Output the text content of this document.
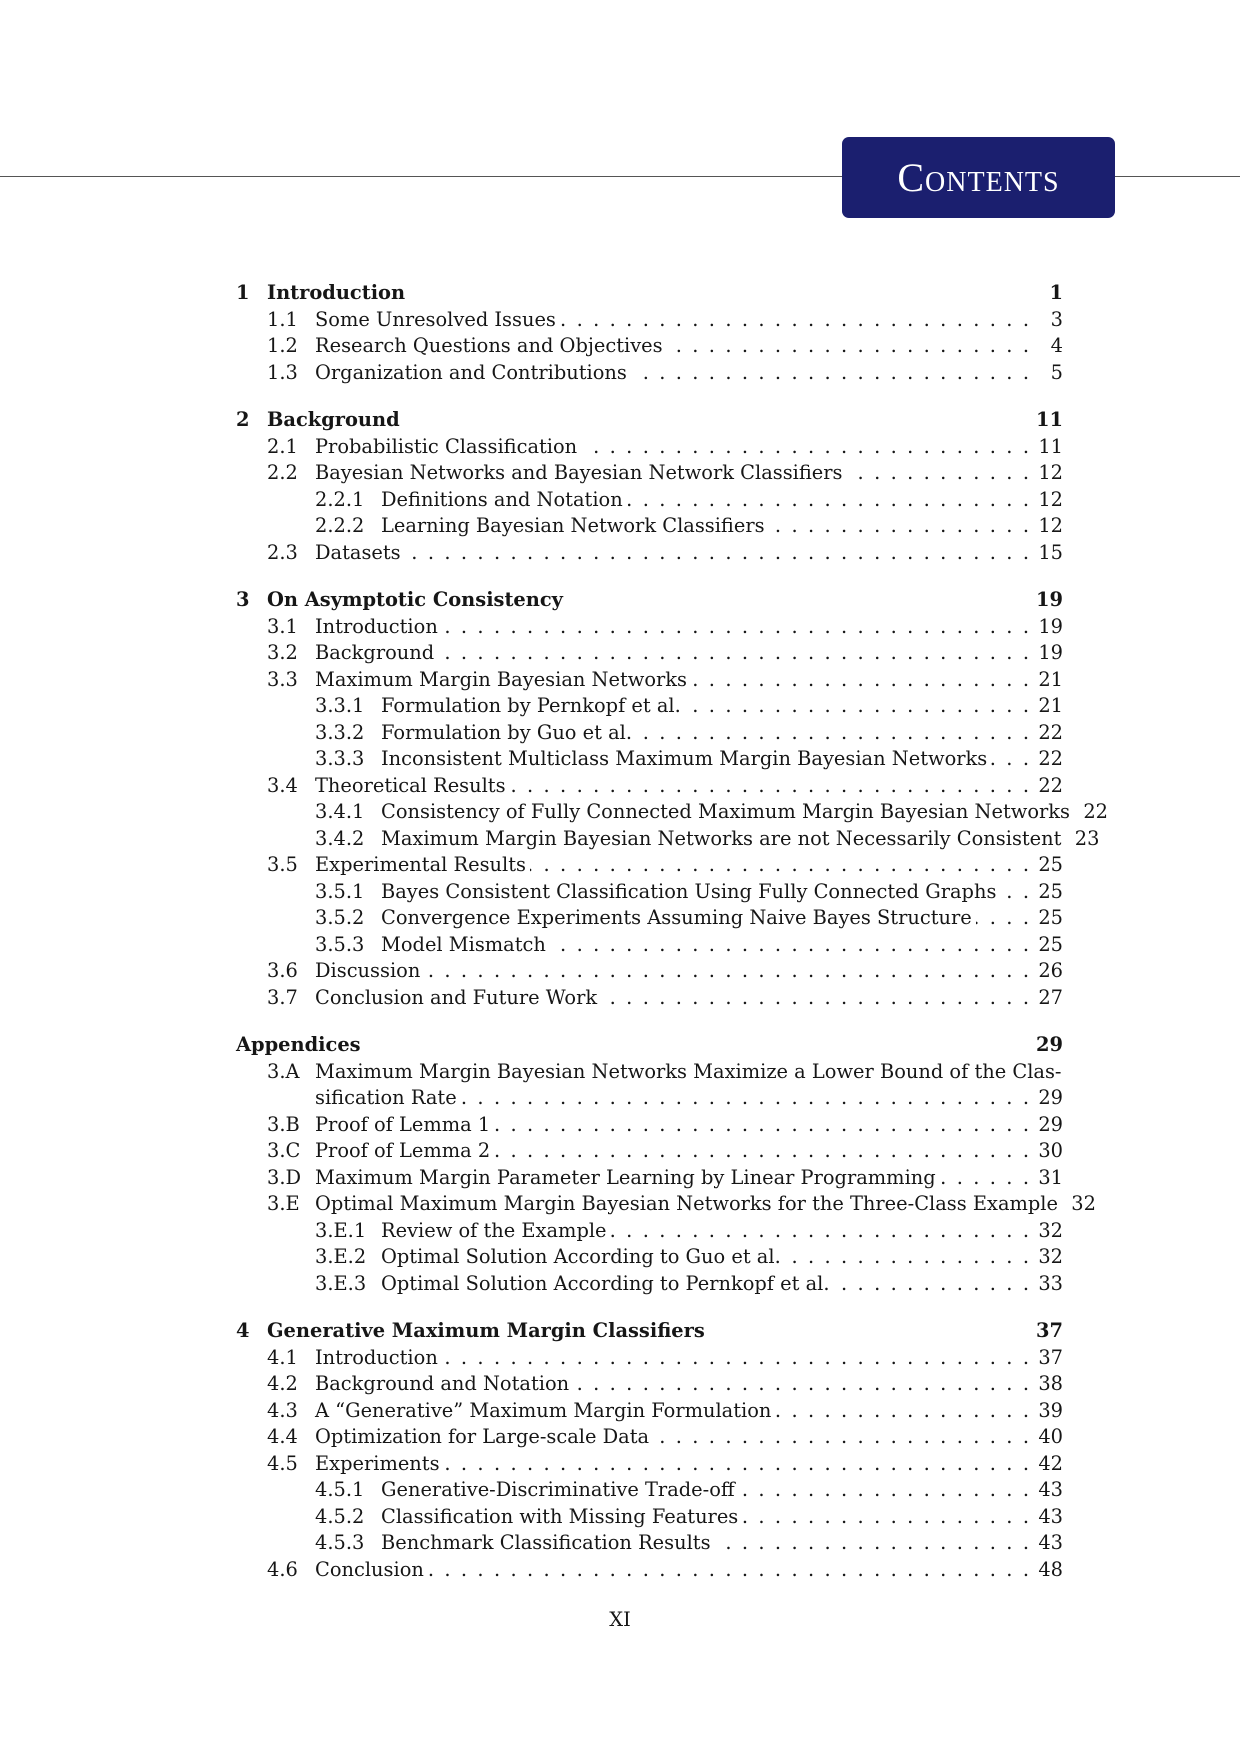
Contents
1 Introduction	1
1.1 Some Unresolved Issues . . .	3
1.2 Research Questions and Objectives . . .	4
1.3 Organization and Contributions . . .	5
2 Background	11
2.1 Probabilistic Classification . . .	11
2.2 Bayesian Networks and Bayesian Network Classifiers . . .	12
2.2.1 Definitions and Notation . . .	12
2.2.2 Learning Bayesian Network Classifiers . . .	12
2.3 Datasets . . .	15
3 On Asymptotic Consistency	19
3.1 Introduction . . .	19
3.2 Background . . .	19
3.3 Maximum Margin Bayesian Networks . . .	21
3.3.1 Formulation by Pernkopf et al. . . .	21
3.3.2 Formulation by Guo et al. . . .	22
3.3.3 Inconsistent Multiclass Maximum Margin Bayesian Networks . . .	22
3.4 Theoretical Results . . .	22
3.4.1 Consistency of Fully Connected Maximum Margin Bayesian Networks 22
3.4.2 Maximum Margin Bayesian Networks are not Necessarily Consistent 23
3.5 Experimental Results . . .	25
3.5.1 Bayes Consistent Classification Using Fully Connected Graphs . . . 25
3.5.2 Convergence Experiments Assuming Naive Bayes Structure . . .	25
3.5.3 Model Mismatch . . .	25
3.6 Discussion . . .	26
3.7 Conclusion and Future Work . . .	27
Appendices	29
3.A Maximum Margin Bayesian Networks Maximize a Lower Bound of the Clas-
sification Rate . . .	29
3.B Proof of Lemma 1 . . .	29
3.C Proof of Lemma 2 . . .	30
3.D Maximum Margin Parameter Learning by Linear Programming . . .	31
3.E Optimal Maximum Margin Bayesian Networks for the Three-Class Example 32
3.E.1 Review of the Example . . .	32
3.E.2 Optimal Solution According to Guo et al. . . .	32
3.E.3 Optimal Solution According to Pernkopf et al. . . .	33
4 Generative Maximum Margin Classifiers	37
4.1 Introduction . . .	37
4.2 Background and Notation . . .	38
4.3 A “Generative” Maximum Margin Formulation . . .	39
4.4 Optimization for Large-scale Data . . .	40
4.5 Experiments . . .	42
4.5.1 Generative-Discriminative Trade-off . . .	43
4.5.2 Classification with Missing Features . . .	43
4.5.3 Benchmark Classification Results . . .	43
4.6 Conclusion . . .	48
XI
